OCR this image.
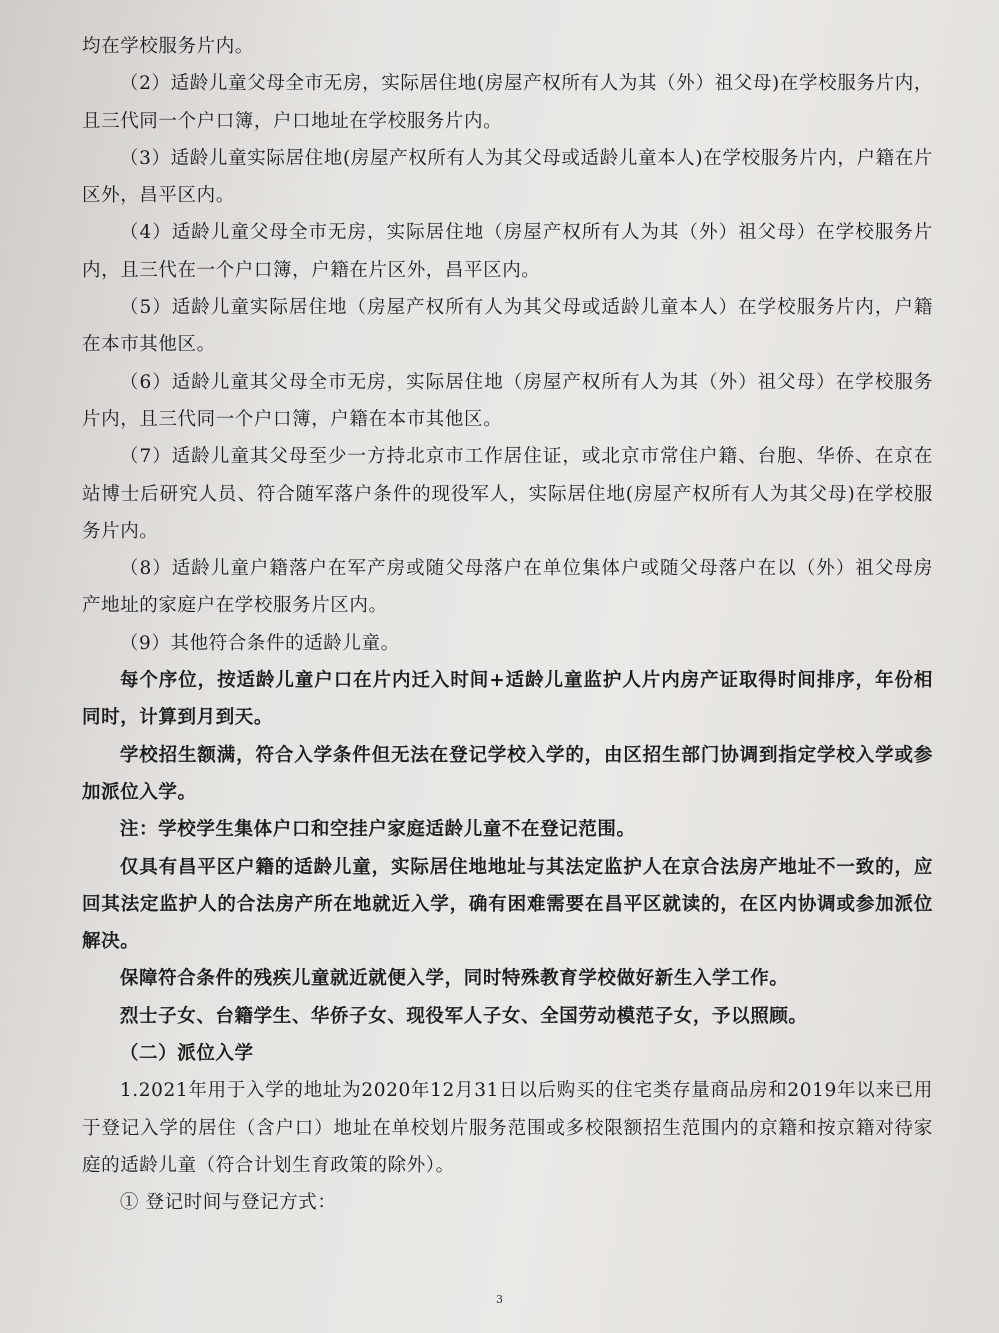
均在学校服务片内。

（2）适龄儿童父母全市无房，实际居住地(房屋产权所有人为其（外）祖父母)在学校服务片内，且三代同一个户口簿，户口地址在学校服务片内。

（3）适龄儿童实际居住地(房屋产权所有人为其父母或适龄儿童本人)在学校服务片内，户籍在片区外，昌平区内。

（4）适龄儿童父母全市无房，实际居住地（房屋产权所有人为其（外）祖父母）在学校服务片内，且三代在一个户口簿，户籍在片区外，昌平区内。

（5）适龄儿童实际居住地（房屋产权所有人为其父母或适龄儿童本人）在学校服务片内，户籍在本市其他区。

（6）适龄儿童其父母全市无房，实际居住地（房屋产权所有人为其（外）祖父母）在学校服务片内，且三代同一个户口簿，户籍在本市其他区。

（7）适龄儿童其父母至少一方持北京市工作居住证，或北京市常住户籍、台胞、华侨、在京在站博士后研究人员、符合随军落户条件的现役军人，实际居住地(房屋产权所有人为其父母)在学校服务片内。

（8）适龄儿童户籍落户在军产房或随父母落户在单位集体户或随父母落户在以（外）祖父母房产地址的家庭户在学校服务片区内。

（9）其他符合条件的适龄儿童。

每个序位，按适龄儿童户口在片内迁入时间+适龄儿童监护人片内房产证取得时间排序，年份相同时，计算到月到天。

学校招生额满，符合入学条件但无法在登记学校入学的，由区招生部门协调到指定学校入学或参加派位入学。

注：学校学生集体户口和空挂户家庭适龄儿童不在登记范围。

仅具有昌平区户籍的适龄儿童，实际居住地地址与其法定监护人在京合法房产地址不一致的，应回其法定监护人的合法房产所在地就近入学，确有困难需要在昌平区就读的，在区内协调或参加派位解决。

保障符合条件的残疾儿童就近就便入学，同时特殊教育学校做好新生入学工作。

烈士子女、台籍学生、华侨子女、现役军人子女、全国劳动模范子女，予以照顾。

（二）派位入学

1.2021年用于入学的地址为2020年12月31日以后购买的住宅类存量商品房和2019年以来已用于登记入学的居住（含户口）地址在单校划片服务范围或多校限额招生范围内的京籍和按京籍对待家庭的适龄儿童（符合计划生育政策的除外）。

① 登记时间与登记方式：

3
